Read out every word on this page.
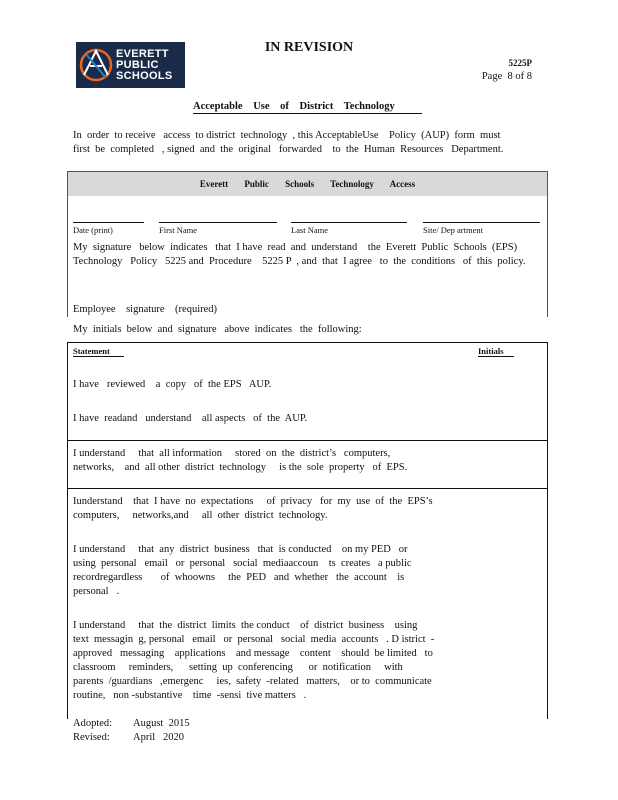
EVERETT
PUBLIC
SCHOOLS
IN REVISION
5225P
Page  8 of 8
Acceptable Use of District Technology
In  order  to receive   access  to district  technology  , this AcceptableUse    Policy  (AUP)  form  must
first  be  completed   , signed  and  the  original   forwarded    to  the  Human  Resources   Department.
Everett Public Schools Technology Access
Date (print)	First Name	Last Name	Site/ Dep artment
My  signature   below  indicates   that  I have  read  and  understand    the  Everett  Public  Schools  (EPS)
Technology   Policy   5225 and  Procedure    5225 P  , and  that  I agree   to  the  conditions   of  this  policy.
Employee    signature    (required)
My  initials  below  and  signature   above  indicates   the  following:
Statement	Initials
I have   reviewed    a  copy   of  the EPS   AUP.
I have  readand   understand    all aspects   of  the  AUP.
I understand     that  all information     stored  on  the  district’s   computers,
networks,    and  all other  district  technology     is the  sole  property   of  EPS.
Iunderstand    that  I have  no  expectations     of  privacy   for  my  use  of  the  EPS’s
computers,     networks,and     all  other  district  technology.
I understand     that  any  district  business   that  is conducted    on my PED   or
using  personal   email   or  personal   social  mediaaccoun    ts  creates   a public
recordregardless       of  whoowns     the  PED   and  whether   the  account    is
personal   .
I understand     that  the  district  limits  the conduct    of  district  business    using
text  messagin  g, personal   email   or  personal   social  media  accounts   . D istrict  -
approved   messaging    applications    and message    content    should  be limited   to
classroom     reminders,      setting  up  conferencing      or  notification     with
parents  /guardians   ,emergenc     ies,  safety  -related   matters,    or to  communicate
routine,   non -substantive    time  -sensi  tive matters   .
Adopted: August  2015
Revised: April   2020
